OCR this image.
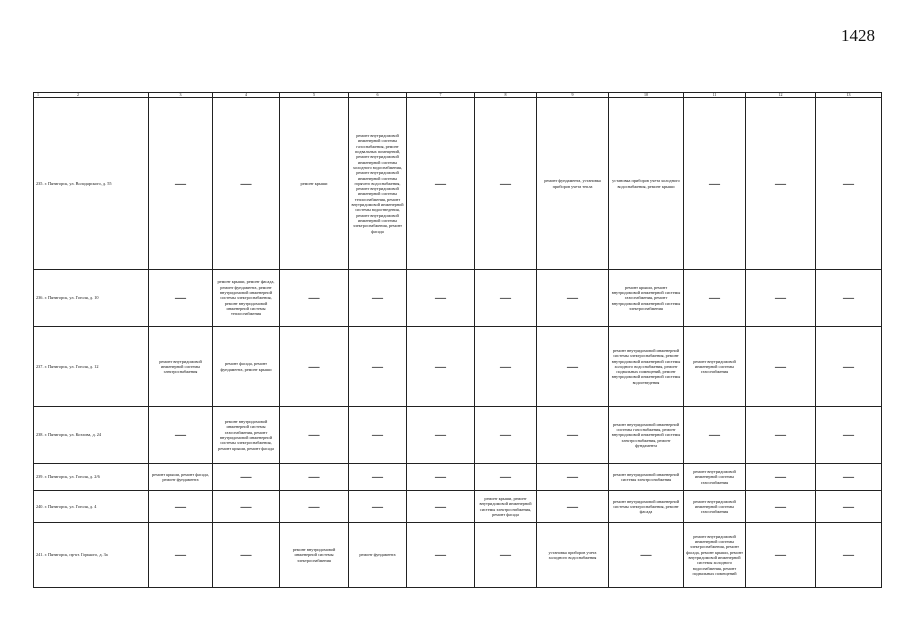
1428
1 2	3	4	5	6	7	8	9	10	11	12	13
235. г. Пятигорск, ул. Володарского, д. 55	—	—	ремонт крыши	ремонт внутридомовой инженерной системы газоснабжения, ремонт подвальных помещений, ремонт внутридомовой инженерной системы холодного водоснабжения, ремонт внутридомовой инженерной системы горячего водоснабжения, ремонт внутридомовой инженерной системы теплоснабжения, ремонт внутридомовой инженерной системы водоотведения, ремонт внутридомовой инженерной системы электроснабжения, ремонт фасада	—	—	ремонт фундамента, установка приборов учета тепла	установка приборов учета холодного водоснабжения, ремонт крыши	—	—	—
236. г. Пятигорск, ул. Гоголя, д. 10	—	ремонт крыши, ремонт фасада, ремонт фундамента, ремонт внутридомовой инженерной системы электроснабжения, ремонт внутридомовой инженерной системы теплоснабжения	—	—	—	—	—	ремонт крыши, ремонт внутридомовой инженерной системы газоснабжения, ремонт внутридомовой инженерной системы электроснабжения	—	—	—
237. г. Пятигорск, ул. Гоголя, д. 12	ремонт внутридомовой инженерной системы электроснабжения	ремонт фасада, ремонт фундамента, ремонт крыши	—	—	—	—	—	ремонт внутридомовой инженерной системы электроснабжения, ремонт внутридомовой инженерной системы холодного водоснабжения, ремонт подвальных помещений, ремонт внутридомовой инженерной системы водоотведения	ремонт внутридомовой инженерной системы газоснабжения	—	—
238. г. Пятигорск, ул. Козлова, д. 24	—	ремонт внутридомовой инженерной системы газоснабжения, ремонт внутридомовой инженерной системы электроснабжения, ремонт крыши, ремонт фасада	—	—	—	—	—	ремонт внутридомовой инженерной системы газоснабжения, ремонт внутридомовой инженерной системы электроснабжения, ремонт фундамента	—	—	—
239. г. Пятигорск, ул. Гоголя, д. 2/6	ремонт крыши, ремонт фасада, ремонт фундамента	—	—	—	—	—	—	ремонт внутридомовой инженерной системы электроснабжения	ремонт внутридомовой инженерной системы газоснабжения	—	—
240. г. Пятигорск, ул. Гоголя, д. 4	—	—	—	—	—	ремонт крыши, ремонт внутридомовой инженерной системы электроснабжения, ремонт фасада	—	ремонт внутридомовой инженерной системы электроснабжения, ремонт фасада	ремонт внутридомовой инженерной системы газоснабжения	—	—
241. г. Пятигорск, пр-кт. Горького, д. 3а	—	—	ремонт внутридомовой инженерной системы электроснабжения	ремонт фундамента	—	—	установка приборов учета холодного водоснабжения	—	ремонт внутридомовой инженерной системы электроснабжения, ремонт фасада, ремонт крыши, ремонт внутридомовой инженерной системы холодного водоснабжения, ремонт подвальных помещений	—	—
